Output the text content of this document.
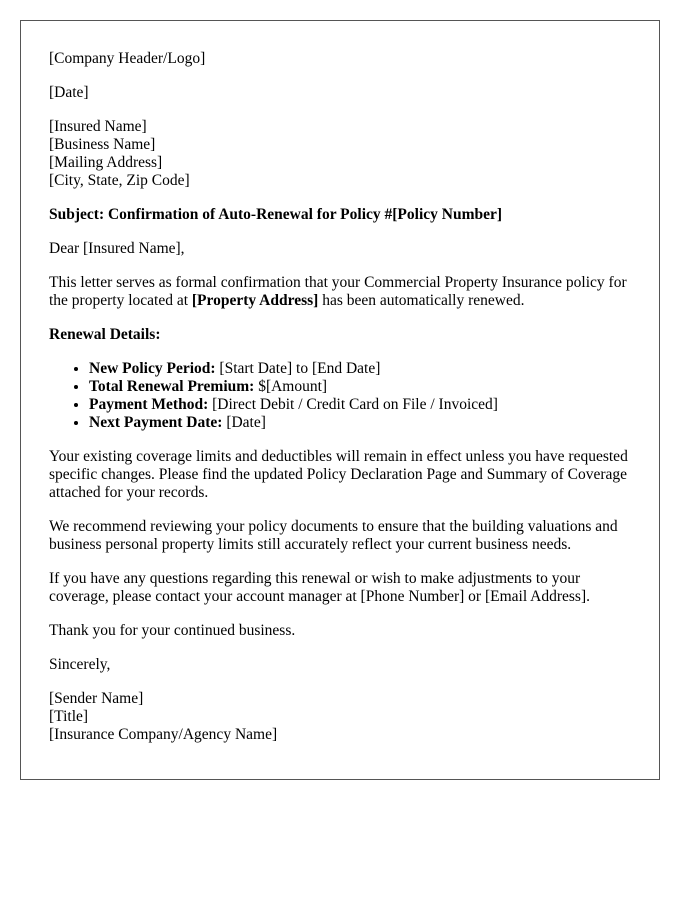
[Company Header/Logo]

[Date]

[Insured Name]
[Business Name]
[Mailing Address]
[City, State, Zip Code]

Subject: Confirmation of Auto-Renewal for Policy #[Policy Number]

Dear [Insured Name],

This letter serves as formal confirmation that your Commercial Property Insurance policy for the property located at [Property Address] has been automatically renewed.

Renewal Details:

• New Policy Period: [Start Date] to [End Date]
• Total Renewal Premium: $[Amount]
• Payment Method: [Direct Debit / Credit Card on File / Invoiced]
• Next Payment Date: [Date]

Your existing coverage limits and deductibles will remain in effect unless you have requested specific changes. Please find the updated Policy Declaration Page and Summary of Coverage attached for your records.

We recommend reviewing your policy documents to ensure that the building valuations and business personal property limits still accurately reflect your current business needs.

If you have any questions regarding this renewal or wish to make adjustments to your coverage, please contact your account manager at [Phone Number] or [Email Address].

Thank you for your continued business.

Sincerely,

[Sender Name]
[Title]
[Insurance Company/Agency Name]
